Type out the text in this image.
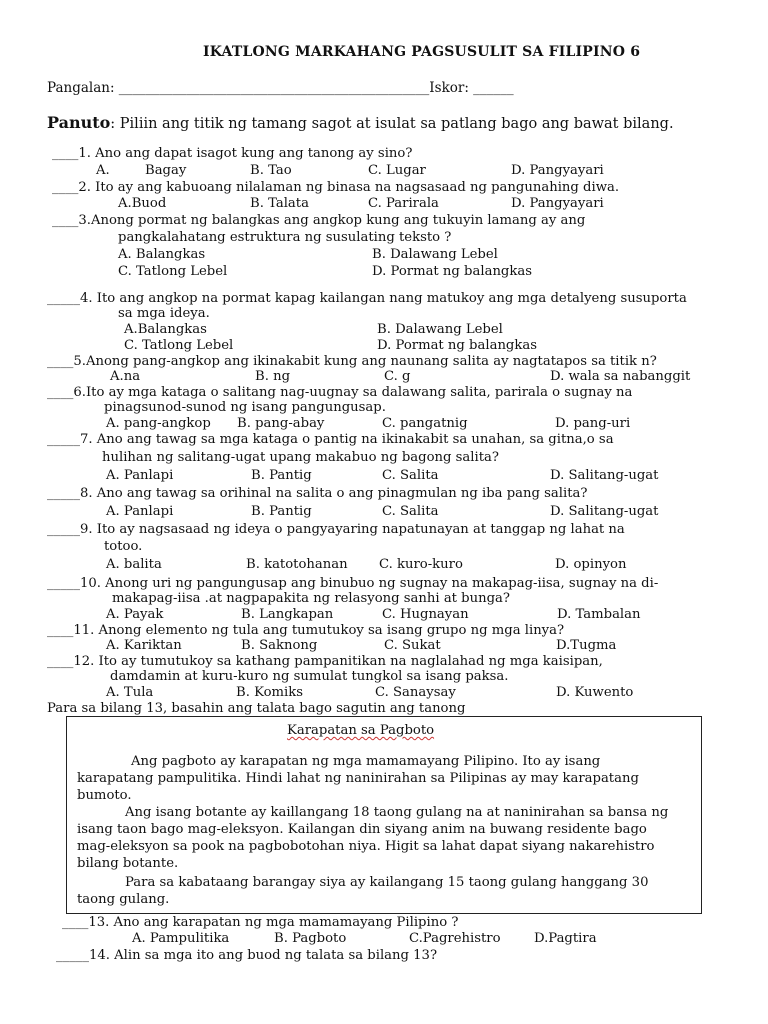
IKATLONG MARKAHANG PAGSUSULIT SA FILIPINO 6
Pangalan: ______________________________________________Iskor: ______
Panuto: Piliin ang titik ng tamang sagot at isulat sa patlang bago ang bawat bilang.
____1. Ano ang dapat isagot kung ang tanong ay sino?
A.	Bagay	B. Tao	C. Lugar	D. Pangyayari
____2. Ito ay ang kabuoang nilalaman ng binasa na nagsasaad ng pangunahing diwa.
A.Buod	B. Talata	C. Parirala	D. Pangyayari
____3.Anong pormat ng balangkas ang angkop kung ang tukuyin lamang ay ang
pangkalahatang estruktura ng susulating teksto ?
A. Balangkas	B. Dalawang Lebel
C. Tatlong Lebel	D. Pormat ng balangkas
_____4. Ito ang angkop na pormat kapag kailangan nang matukoy ang mga detalyeng susuporta
sa mga ideya.
A.Balangkas	B. Dalawang Lebel
C. Tatlong Lebel	D. Pormat ng balangkas
____5.Anong pang-angkop ang ikinakabit kung ang naunang salita ay nagtatapos sa titik n?
A.na	B. ng	C. g	D. wala sa nabanggit
____6.Ito ay mga kataga o salitang nag-uugnay sa dalawang salita, parirala o sugnay na
pinagsunod-sunod ng isang pangungusap.
A. pang-angkop B. pang-abay	C. pangatnig	D. pang-uri
_____7. Ano ang tawag sa mga kataga o pantig na ikinakabit sa unahan, sa gitna,o sa
hulihan ng salitang-ugat upang makabuo ng bagong salita?
A. Panlapi	B. Pantig	C. Salita	D. Salitang-ugat
_____8. Ano ang tawag sa orihinal na salita o ang pinagmulan ng iba pang salita?
A. Panlapi	B. Pantig	C. Salita	D. Salitang-ugat
_____9. Ito ay nagsasaad ng ideya o pangyayaring napatunayan at tanggap ng lahat na
totoo.
A. balita	B. katotohanan C. kuro-kuro	D. opinyon
_____10. Anong uri ng pangungusap ang binubuo ng sugnay na makapag-iisa, sugnay na di-
makapag-iisa .at nagpapakita ng relasyong sanhi at bunga?
A. Payak	B. Langkapan	C. Hugnayan	D. Tambalan
____11. Anong elemento ng tula ang tumutukoy sa isang grupo ng mga linya?
A. Kariktan	B. Saknong	C. Sukat	D.Tugma
____12. Ito ay tumutukoy sa kathang pampanitikan na naglalahad ng mga kaisipan,
damdamin at kuru-kuro ng sumulat tungkol sa isang paksa.
A. Tula	B. Komiks	C. Sanaysay	D. Kuwento
Para sa bilang 13, basahin ang talata bago sagutin ang tanong
Karapatan sa Pagboto
Ang pagboto ay karapatan ng mga mamamayang Pilipino. Ito ay isang
karapatang pampulitika. Hindi lahat ng naninirahan sa Pilipinas ay may karapatang
bumoto.
Ang isang botante ay kaillangang 18 taong gulang na at naninirahan sa bansa ng
isang taon bago mag-eleksyon. Kailangan din siyang anim na buwang residente bago
mag-eleksyon sa pook na pagbobotohan niya. Higit sa lahat dapat siyang nakarehistro
bilang botante.
Para sa kabataang barangay siya ay kailangang 15 taong gulang hanggang 30
taong gulang.
____13. Ano ang karapatan ng mga mamamayang Pilipino ?
A. Pampulitika	B. Pagboto	C.Pagrehistro	D.Pagtira
_____14. Alin sa mga ito ang buod ng talata sa bilang 13?
